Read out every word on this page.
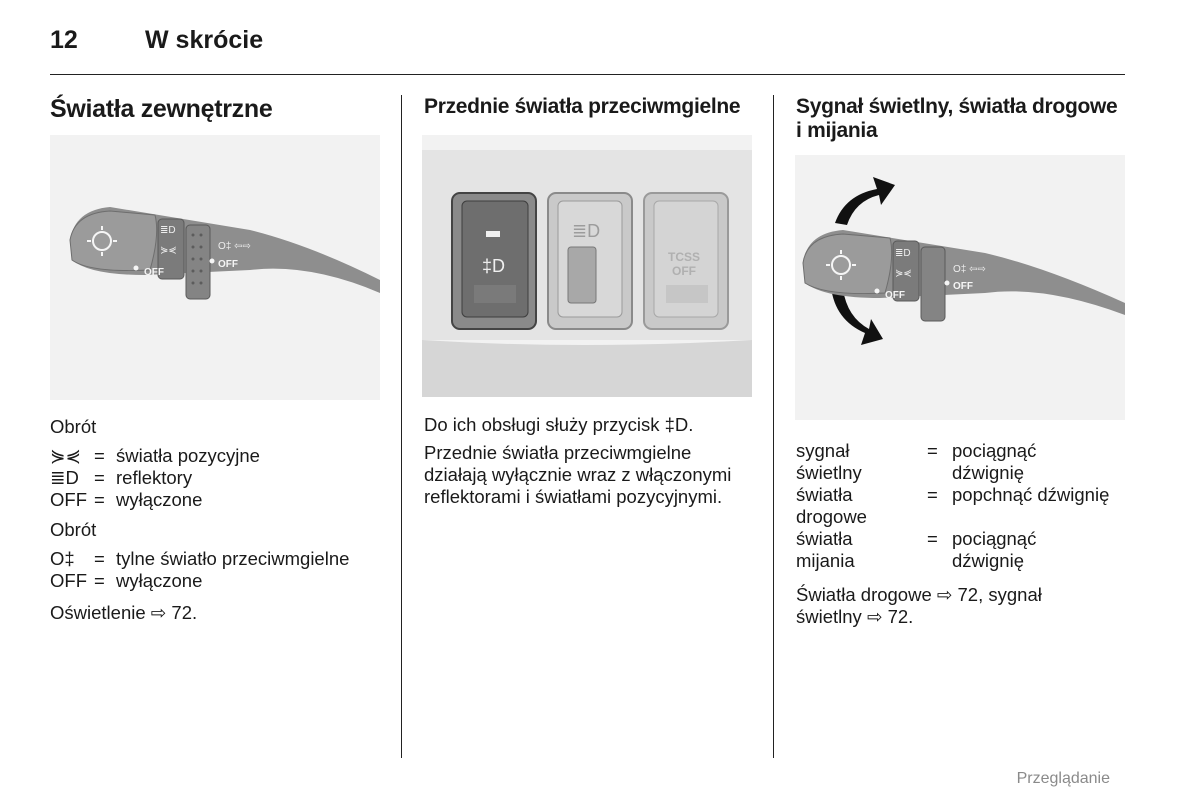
12	W skrócie
Światła zewnętrzne
OFF
OFF
≣D
⋟⋞	O‡ ⇦⇨

Obrót

⋟⋞ = światła pozycyjne
≣D = reflektory
OFF = wyłączone

Obrót

O‡	= tylne światło przeciwmgielne
OFF = wyłączone

Oświetlenie ⇨ 72.

Przednie światła przeciwmgielne
‡D
≣D
TCSS
OFF

Do ich obsługi służy przycisk ‡D.

Przednie światła przeciwmgielne

działają wyłącznie wraz z włączonymi

reflektorami i światłami pozycyjnymi.

Sygnał świetlny, światła drogowe
i mijania
OFF
OFF
≣D
⋟⋞	O‡ ⇦⇨
sygnał	= pociągnąć
świetlny	dźwignię
światła	= popchnąć dźwignię
drogowe
światła	= pociągnąć
mijania	dźwignię

Światła drogowe ⇨ 72, sygnał

świetlny ⇨ 72.

Przeglądanie
